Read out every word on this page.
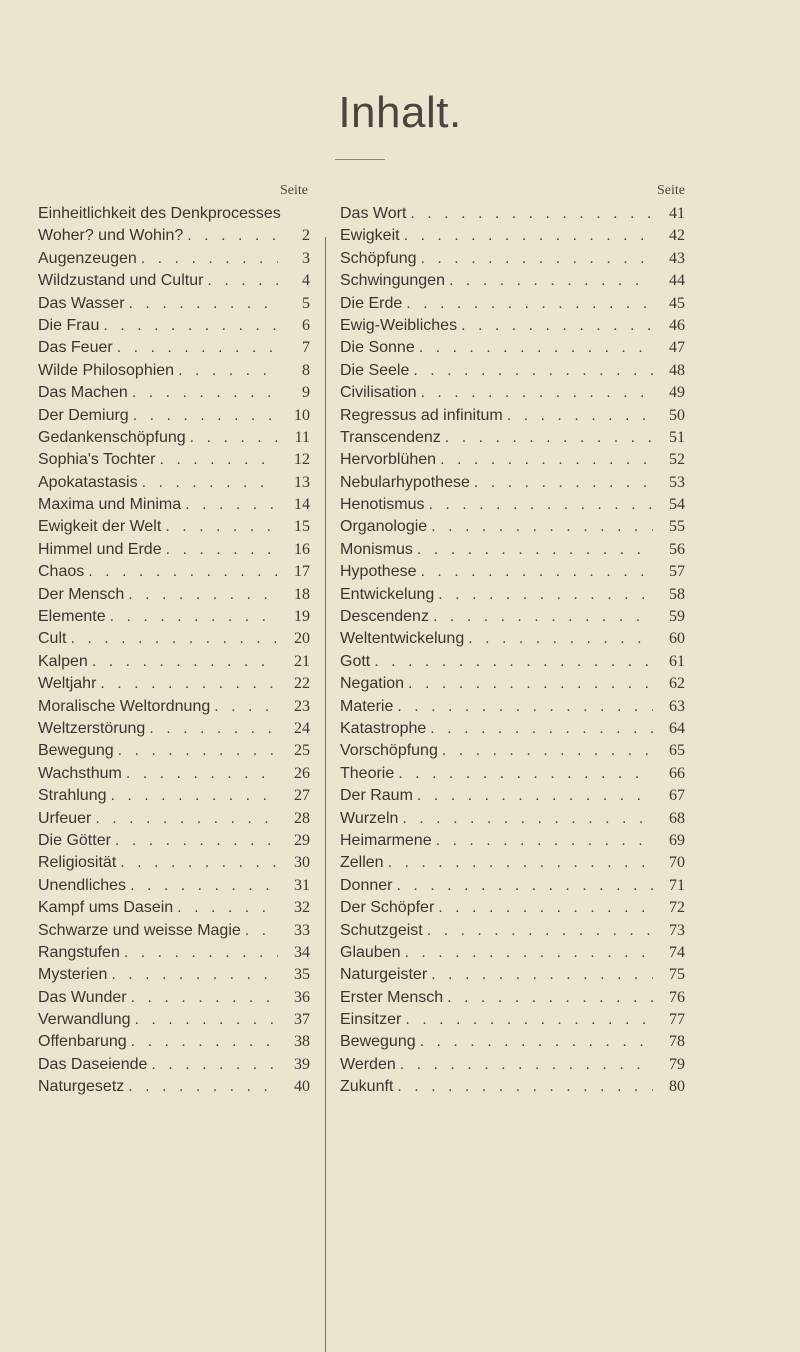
Inhalt.
Seite
Einheitlichkeit des Denkprocesses
Woher? und Wohin? . . .	2
Augenzeugen . . .	3
Wildzustand und Cultur . . .	4
Das Wasser . . .	5
Die Frau . . .	6
Das Feuer . . .	7
Wilde Philosophien . . .	8
Das Machen . . .	9
Der Demiurg . . .	10
Gedankenschöpfung . . .	11
Sophia's Tochter . . .	12
Apokatastasis . . .	13
Maxima und Minima . . .	14
Ewigkeit der Welt . . .	15
Himmel und Erde . . .	16
Chaos . . .	17
Der Mensch . . .	18
Elemente . . .	19
Cult . . .	20
Kalpen . . .	21
Weltjahr . . .	22
Moralische Weltordnung . . .	23
Weltzerstörung . . .	24
Bewegung . . .	25
Wachsthum . . .	26
Strahlung . . .	27
Urfeuer . . .	28
Die Götter . . .	29
Religiosität . . .	30
Unendliches . . .	31
Kampf ums Dasein . . .	32
Schwarze und weisse Magie . . .	33
Rangstufen . . .	34
Mysterien . . .	35
Das Wunder . . .	36
Verwandlung . . .	37
Offenbarung . . .	38
Das Daseiende . . .	39
Naturgesetz . . .	40
Seite
Das Wort . . .	41
Ewigkeit . . .	42
Schöpfung . . .	43
Schwingungen . . .	44
Die Erde . . .	45
Ewig-Weibliches . . .	46
Die Sonne . . .	47
Die Seele . . .	48
Civilisation . . .	49
Regressus ad infinitum . . .	50
Transcendenz . . .	51
Hervorblühen . . .	52
Nebularhypothese . . .	53
Henotismus . . .	54
Organologie . . .	55
Monismus . . .	56
Hypothese . . .	57
Entwickelung . . .	58
Descendenz . . .	59
Weltentwickelung . . .	60
Gott . . .	61
Negation . . .	62
Materie . . .	63
Katastrophe . . .	64
Vorschöpfung . . .	65
Theorie . . .	66
Der Raum . . .	67
Wurzeln . . .	68
Heimarmene . . .	69
Zellen . . .	70
Donner . . .	71
Der Schöpfer . . .	72
Schutzgeist . . .	73
Glauben . . .	74
Naturgeister . . .	75
Erster Mensch . . .	76
Einsitzer . . .	77
Bewegung . . .	78
Werden . . .	79
Zukunft . . .	80
